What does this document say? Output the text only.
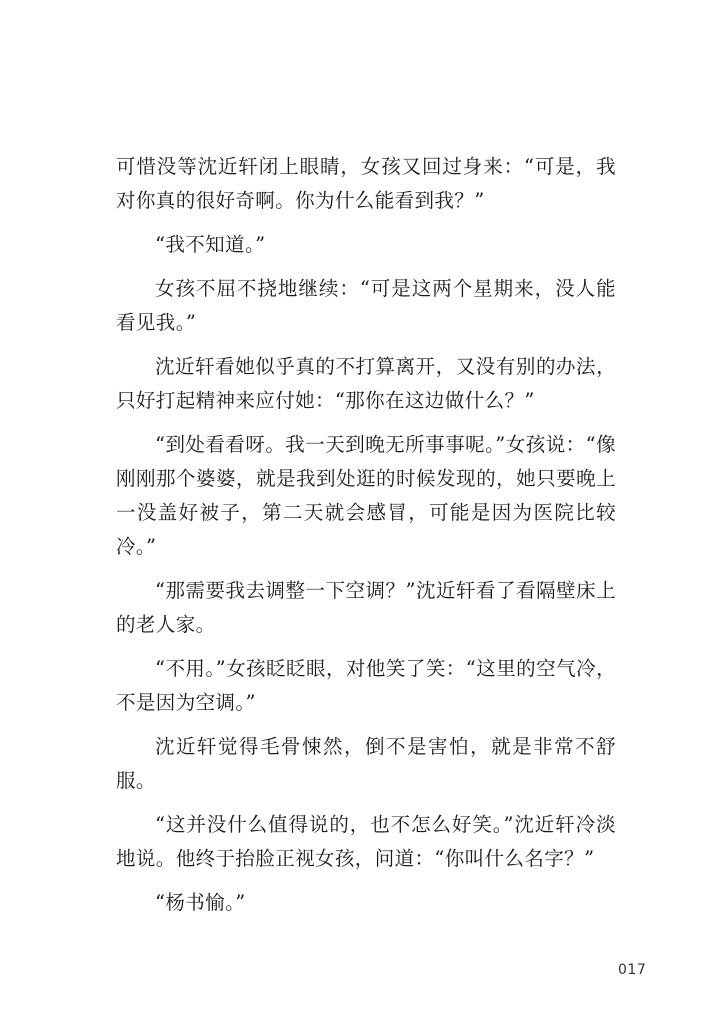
可惜没等沈近轩闭上眼睛，女孩又回过身来：“可是，我对你真的很好奇啊。你为什么能看到我？”

“我不知道。”

女孩不屈不挠地继续：“可是这两个星期来，没人能看见我。”

沈近轩看她似乎真的不打算离开，又没有别的办法，只好打起精神来应付她：“那你在这边做什么？”

“到处看看呀。我一天到晚无所事事呢。”女孩说：“像刚刚那个婆婆，就是我到处逛的时候发现的，她只要晚上一没盖好被子，第二天就会感冒，可能是因为医院比较冷。”

“那需要我去调整一下空调？”沈近轩看了看隔壁床上的老人家。

“不用。”女孩眨眨眼，对他笑了笑：“这里的空气冷，不是因为空调。”

沈近轩觉得毛骨悚然，倒不是害怕，就是非常不舒服。

“这并没什么值得说的，也不怎么好笑。”沈近轩冷淡地说。他终于抬脸正视女孩，问道：“你叫什么名字？”

“杨书愉。”

017
